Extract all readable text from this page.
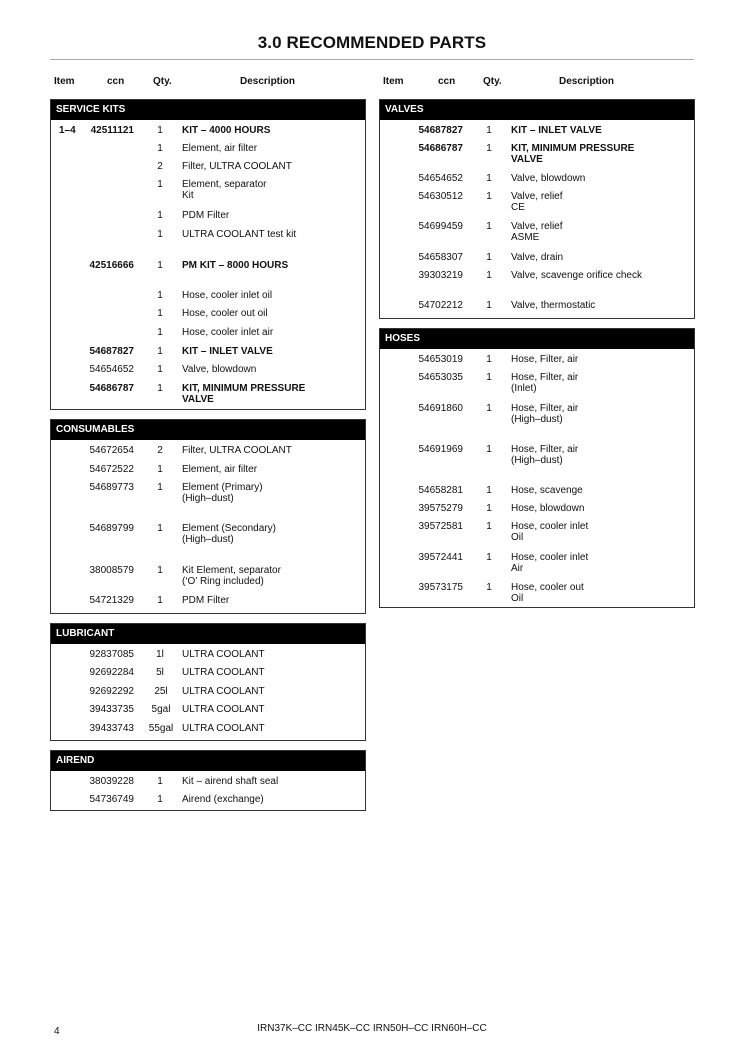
3.0 RECOMMENDED PARTS
Item	ccn	Qty.	Description	Item	ccn	Qty.	Description
SERVICE KITS
1–4	42511121	1	KIT – 4000 HOURS
1	Element, air filter
2	Filter, ULTRA COOLANT
1	Element, separator
Kit
1	PDM Filter
1	ULTRA COOLANT test kit
42516666	1	PM KIT – 8000 HOURS
1	Hose, cooler inlet oil
1	Hose, cooler out oil
1	Hose, cooler inlet air
54687827	1	KIT – INLET VALVE
54654652	1	Valve, blowdown
54686787	1	KIT, MINIMUM PRESSURE
VALVE
CONSUMABLES
54672654	2	Filter, ULTRA COOLANT
54672522	1	Element, air filter
54689773	1	Element (Primary)
(High–dust)
54689799	1	Element (Secondary)
(High–dust)
38008579	1	Kit Element, separator
(‘O’ Ring included)
54721329	1	PDM Filter
LUBRICANT
92837085 1l ULTRA COOLANT
92692284 5l ULTRA COOLANT
92692292	25l	ULTRA COOLANT
39433735	5gal	ULTRA COOLANT
39433743	55gal ULTRA COOLANT
AIREND
38039228	1	Kit – airend shaft seal
54736749	1	Airend (exchange)
VALVES
54687827	1	KIT – INLET VALVE
54686787	1	KIT, MINIMUM PRESSURE
VALVE
54654652	1	Valve, blowdown
54630512	1	Valve, relief
CE
54699459	1	Valve, relief
ASME
54658307	1	Valve, drain
39303219	1	Valve, scavenge orifice check
54702212	1	Valve, thermostatic
HOSES
54653019	1	Hose, Filter, air
54653035	1	Hose, Filter, air
(Inlet)
54691860	1	Hose, Filter, air
(High–dust)
54691969	1	Hose, Filter, air
(High–dust)
54658281	1	Hose, scavenge
39575279	1	Hose, blowdown
39572581	1	Hose, cooler inlet
Oil
39572441	1	Hose, cooler inlet
Air
39573175	1	Hose, cooler out
Oil
4	IRN37K–CC IRN45K–CC IRN50H–CC IRN60H–CC
